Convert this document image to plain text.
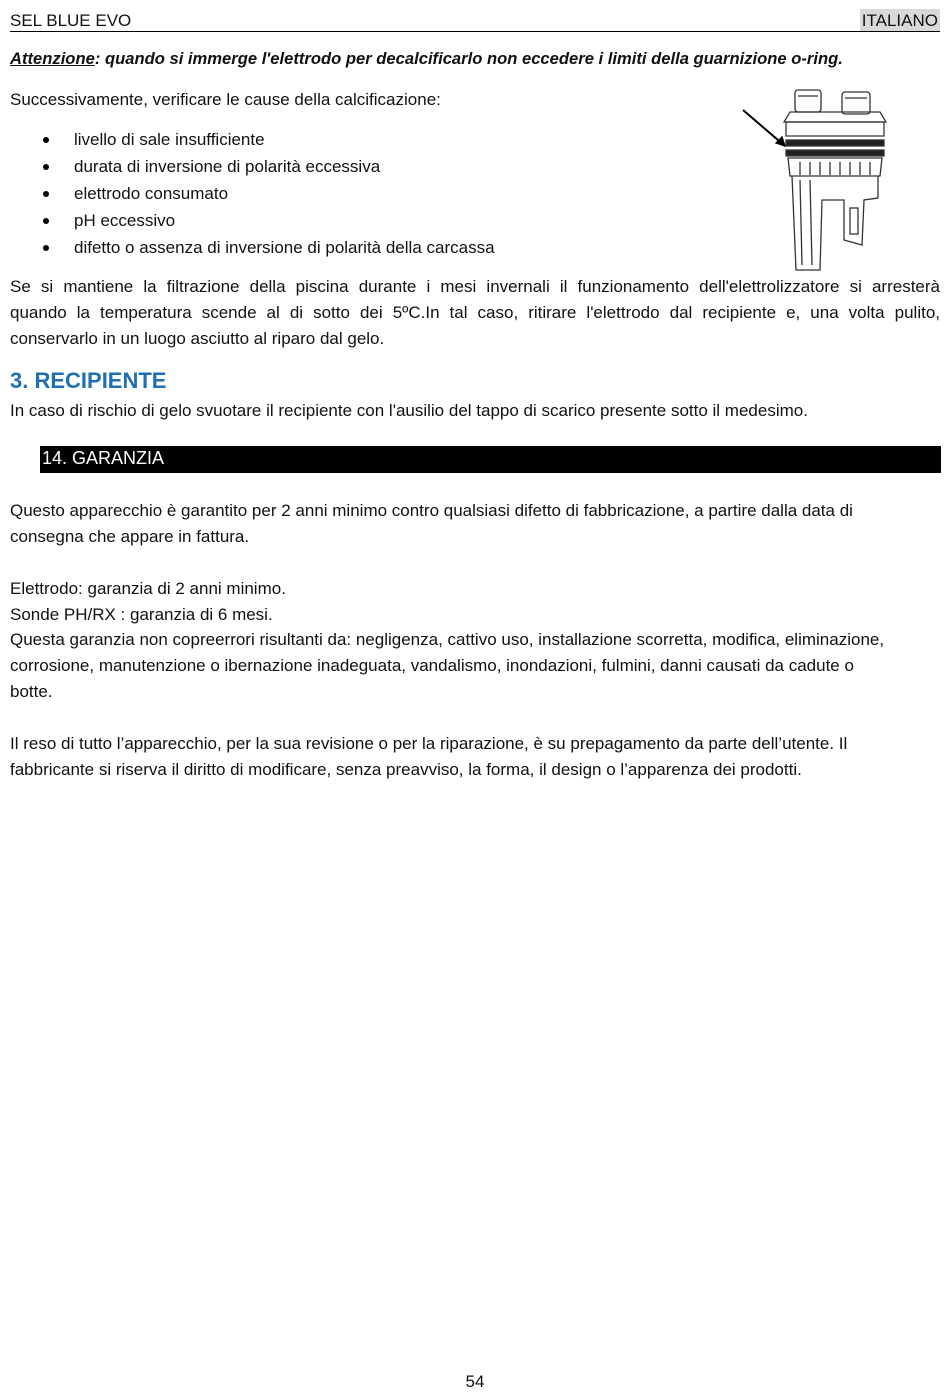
SEL BLUE EVO	ITALIANO

Attenzione: quando si immerge l'elettrodo per decalcificarlo non eccedere i limiti della guarnizione o-ring.

Successivamente, verificare le cause della calcificazione:

livello di sale insufficiente
durata di inversione di polarità eccessiva
elettrodo consumato
pH eccessivo
difetto o assenza di inversione di polarità della carcassa

Se si mantiene la filtrazione della piscina durante i mesi invernali il funzionamento dell'elettrolizzatore si arresterà
quando la temperatura scende al di sotto dei 5ºC.In tal caso, ritirare l'elettrodo dal recipiente e, una volta pulito,
conservarlo in un luogo asciutto al riparo dal gelo.

3. RECIPIENTE

In caso di rischio di gelo svuotare il recipiente con l'ausilio del tappo di scarico presente sotto il medesimo.

14. GARANZIA

Questo apparecchio è garantito per 2 anni minimo contro qualsiasi difetto di fabbricazione, a partire dalla data di
consegna che appare in fattura.

Elettrodo: garanzia di 2 anni minimo.

Sonde PH/RX : garanzia di 6 mesi.

Questa garanzia non copreerrori risultanti da: negligenza, cattivo uso, installazione scorretta, modifica, eliminazione,
corrosione, manutenzione o ibernazione inadeguata, vandalismo, inondazioni, fulmini, danni causati da cadute o
botte.

Il reso di tutto l’apparecchio, per la sua revisione o per la riparazione, è su prepagamento da parte dell’utente. Il
fabbricante si riserva il diritto di modificare, senza preavviso, la forma, il design o l’apparenza dei prodotti.

54
